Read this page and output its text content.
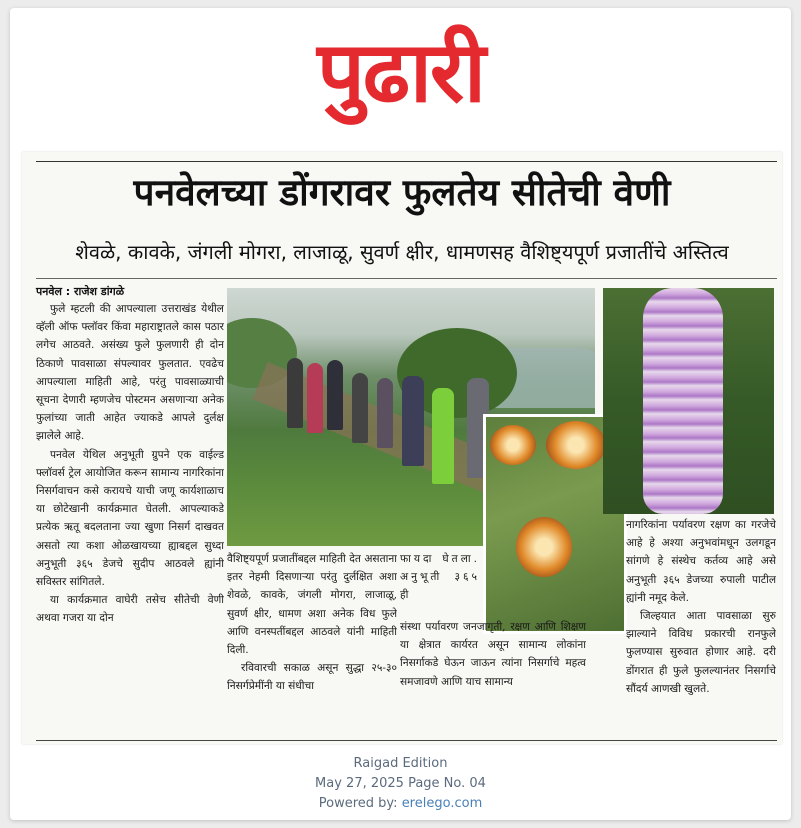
पुढारी
पनवेलच्या डोंगरावर फुलतेय सीतेची वेणी
शेवळे, कावके, जंगली मोगरा, लाजाळू, सुवर्ण क्षीर, धामणसह वैशिष्ट्यपूर्ण प्रजातींचे अस्तित्व
पनवेल : राजेश डांगळे

फुले म्हटली की आपल्याला उत्तराखंड येथील व्हॅली ऑफ फ्लॉवर किंवा महाराष्ट्रातले कास पठार लगेच आठवते. असंख्य फुले फुलणारी ही दोन ठिकाणे पावसाळा संपल्यावर फुलतात. एवढेच आपल्याला माहिती आहे, परंतु पावसाळ्याची सूचना देणारी म्हणजेच पोस्टमन असणाऱ्या अनेक फुलांच्या जाती आहेत ज्याकडे आपले दुर्लक्ष झालेले आहे.

पनवेल येथिल अनुभूती ग्रुपने एक वाईल्ड फ्लॉवर्स ट्रेल आयोजित करून सामान्य नागरिकांना निसर्गवाचन कसे करायचे याची जणू कार्यशाळाच या छोटेखानी कार्यक्रमात घेतली. आपल्याकडे प्रत्येक ऋतू बदलताना ज्या खुणा निसर्ग दाखवत असतो त्या कशा ओळखायच्या ह्याबद्दल सुध्दा अनुभूती ३६५ डेजचे सुदीप आठवले ह्यांनी सविस्तर सांगितले.

या कार्यक्रमात वाघेरी तसेच सीतेची वेणी अथवा गजरा या दोन

वैशिष्ट्यपूर्ण प्रजातींबद्दल माहिती देत असताना इतर नेहमी दिसणाऱ्या परंतु दुर्लक्षित अशा शेवळे, कावके, जंगली मोगरा, लाजाळू, सुवर्ण क्षीर, धामण अशा अनेक विध फुले आणि वनस्पतींबद्दल आठवले यांनी माहिती दिली.

रविवारची सकाळ असून सुद्धा २५-३० निसर्गप्रेमींनी या संधीचा

फायदा घेतला. अनुभूती ३६५ ही

संस्था पर्यावरण जनजागृती, रक्षण आणि शिक्षण या क्षेत्रात कार्यरत असून सामान्य लोकांना निसर्गाकडे घेऊन जाऊन त्यांना निसर्गाचे महत्व समजावणे आणि याच सामान्य

नागरिकांना पर्यावरण रक्षण का गरजेचे आहे हे अश्या अनुभवांमधून उलगडून सांगणे हे संस्थेच कर्तव्य आहे असे अनुभूती ३६५ डेजच्या रुपाली पाटील ह्यांनी नमूद केले.

जिल्हयात आता पावसाळा सुरु झाल्याने विविध प्रकारची रानफुले फुलण्यास सुरुवात होणार आहे. दरी डोंगरात ही फुले फुलल्यानंतर निसर्गाचे सौंदर्य आणखी खुलते.

Raigad Edition
May 27, 2025 Page No. 04
Powered by: erelego.com
